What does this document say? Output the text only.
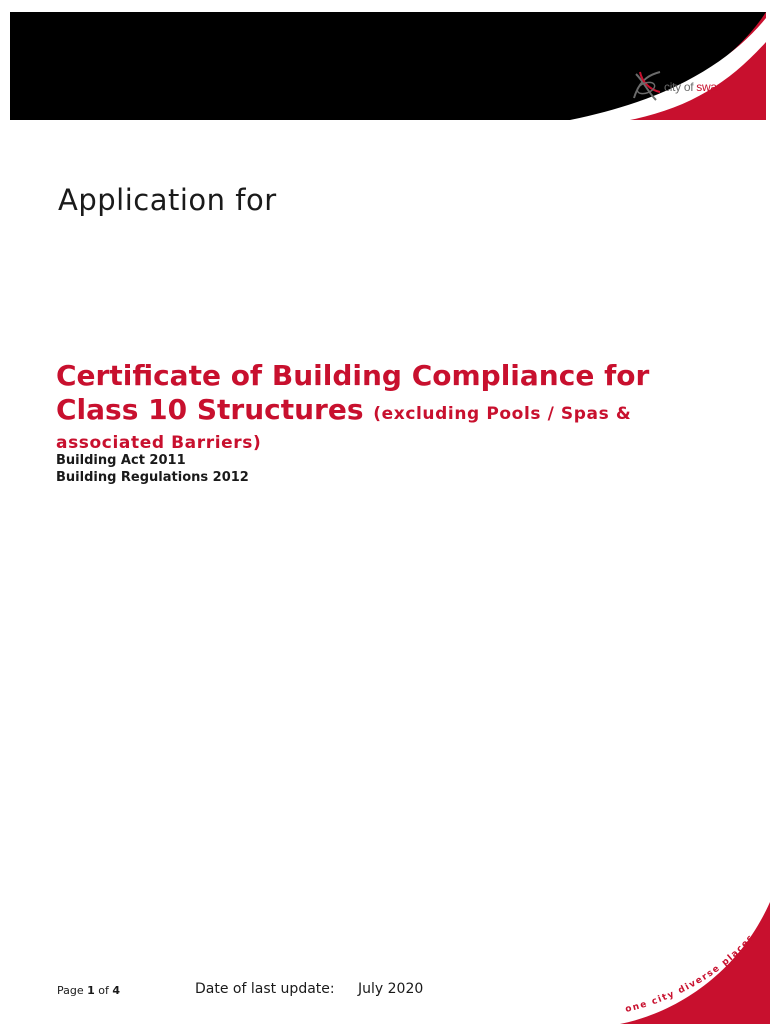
city of swan
Application for
Certificate of Building Compliance for
Class 10 Structures (excluding Pools / Spas &
associated Barriers)
Building Act 2011
Building Regulations 2012
Page 1 of 4	Date of last update: July 2020
one city diverse places
